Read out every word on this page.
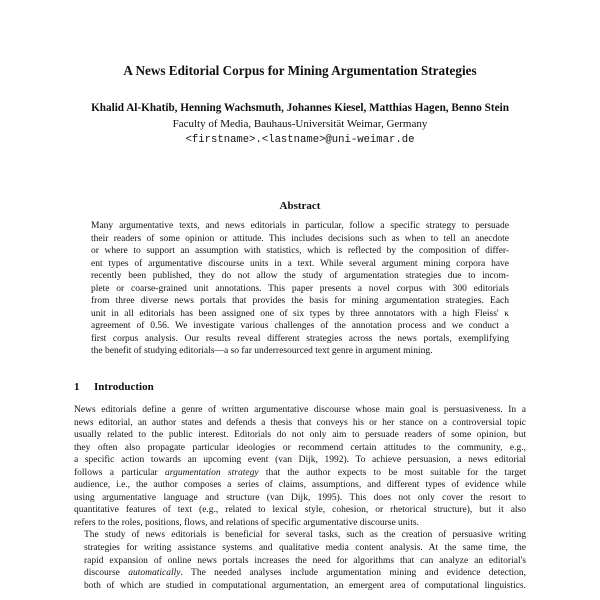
A News Editorial Corpus for Mining Argumentation Strategies
Khalid Al-Khatib, Henning Wachsmuth, Johannes Kiesel, Matthias Hagen, Benno Stein
Faculty of Media, Bauhaus-Universität Weimar, Germany
<firstname>.<lastname>@uni-weimar.de
Abstract
Many argumentative texts, and news editorials in particular, follow a specific strategy to persuade
their readers of some opinion or attitude. This includes decisions such as when to tell an anecdote
or where to support an assumption with statistics, which is reflected by the composition of differ-
ent types of argumentative discourse units in a text. While several argument mining corpora have
recently been published, they do not allow the study of argumentation strategies due to incom-
plete or coarse-grained unit annotations. This paper presents a novel corpus with 300 editorials
from three diverse news portals that provides the basis for mining argumentation strategies. Each
unit in all editorials has been assigned one of six types by three annotators with a high Fleiss' κ
agreement of 0.56. We investigate various challenges of the annotation process and we conduct a
first corpus analysis. Our results reveal different strategies across the news portals, exemplifying
the benefit of studying editorials—a so far underresourced text genre in argument mining.
1 Introduction

News editorials define a genre of written argumentative discourse whose main goal is persuasiveness. In a
news editorial, an author states and defends a thesis that conveys his or her stance on a controversial topic
usually related to the public interest. Editorials do not only aim to persuade readers of some opinion, but
they often also propagate particular ideologies or recommend certain attitudes to the community, e.g.,
a specific action towards an upcoming event (van Dijk, 1992). To achieve persuasion, a news editorial
follows a particular argumentation strategy that the author expects to be most suitable for the target
audience, i.e., the author composes a series of claims, assumptions, and different types of evidence while
using argumentative language and structure (van Dijk, 1995). This does not only cover the resort to
quantitative features of text (e.g., related to lexical style, cohesion, or rhetorical structure), but it also
refers to the roles, positions, flows, and relations of specific argumentative discourse units.

The study of news editorials is beneficial for several tasks, such as the creation of persuasive writing
strategies for writing assistance systems and qualitative media content analysis. At the same time, the
rapid expansion of online news portals increases the need for algorithms that can analyze an editorial's
discourse automatically. The needed analyses include argumentation mining and evidence detection,
both of which are studied in computational argumentation, an emergent area of computational linguistics.
